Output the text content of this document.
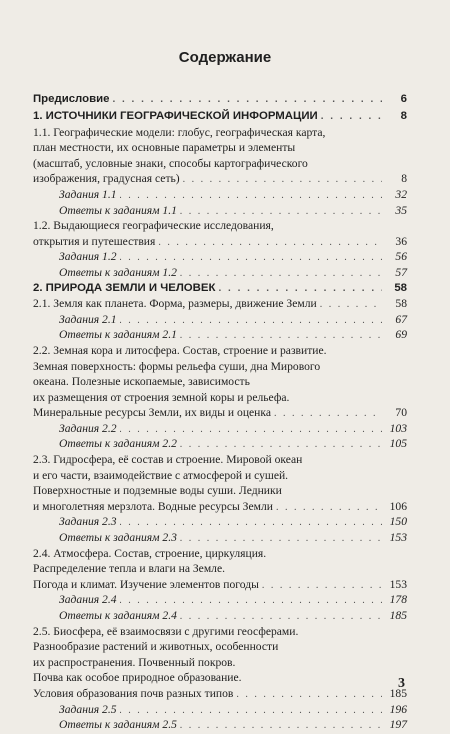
Содержание
Предисловие . . .	6
1. ИСТОЧНИКИ ГЕОГРАФИЧЕСКОЙ ИНФОРМАЦИИ . . .	8
1.1. Географические модели: глобус, географическая карта,
план местности, их основные параметры и элементы
(масштаб, условные знаки, способы картографического
изображения, градусная сеть) . . .	8
Задания 1.1 . . .	32
Ответы к заданиям 1.1 . . .	35
1.2. Выдающиеся географические исследования,
открытия и путешествия . . .	36
Задания 1.2 . . .	56
Ответы к заданиям 1.2 . . .	57
2. ПРИРОДА ЗЕМЛИ И ЧЕЛОВЕК . . .	58
2.1. Земля как планета. Форма, размеры, движение Земли . . .	58
Задания 2.1 . . .	67
Ответы к заданиям 2.1 . . .	69
2.2. Земная кора и литосфера. Состав, строение и развитие.
Земная поверхность: формы рельефа суши, дна Мирового
океана. Полезные ископаемые, зависимость
их размещения от строения земной коры и рельефа.
Минеральные ресурсы Земли, их виды и оценка . . .	70
Задания 2.2 . . .	103
Ответы к заданиям 2.2 . . .	105
2.3. Гидросфера, её состав и строение. Мировой океан
и его части, взаимодействие с атмосферой и сушей.
Поверхностные и подземные воды суши. Ледники
и многолетняя мерзлота. Водные ресурсы Земли . . .	106
Задания 2.3 . . .	150
Ответы к заданиям 2.3 . . .	153
2.4. Атмосфера. Состав, строение, циркуляция.
Распределение тепла и влаги на Земле.
Погода и климат. Изучение элементов погоды . . .	153
Задания 2.4 . . .	178
Ответы к заданиям 2.4 . . .	185
2.5. Биосфера, её взаимосвязи с другими геосферами.
Разнообразие растений и животных, особенности
их распространения. Почвенный покров.
Почва как особое природное образование.
Условия образования почв разных типов . . .	185
Задания 2.5 . . .	196
Ответы к заданиям 2.5 . . .	197
3
